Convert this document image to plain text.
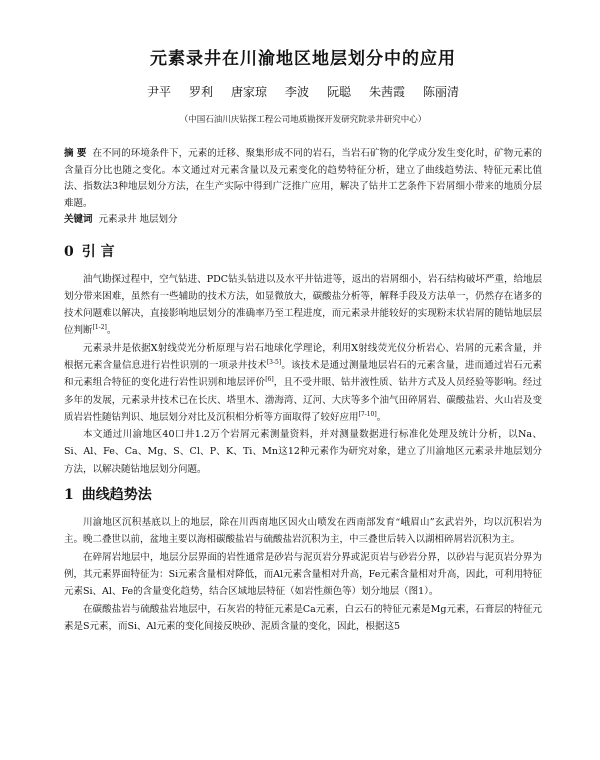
元素录井在川渝地区地层划分中的应用
尹平 罗利 唐家琼 李波 阮聪 朱茜霞 陈丽清
（中国石油川庆钻探工程公司地质勘探开发研究院录井研究中心）
摘 要 在不同的环境条件下，元素的迁移、聚集形成不同的岩石，当岩石矿物的化学成分发生变化时，矿物元素的含量百分比也随之变化。本文通过对元素含量以及元素变化的趋势特征分析，建立了曲线趋势法、特征元素比值法、指数法3种地层划分方法，在生产实际中得到广泛推广应用，解决了钻井工艺条件下岩屑细小带来的地质分层难题。
关键词 元素录井 地层划分
0 引 言

油气勘探过程中，空气钻进、PDC钻头钻进以及水平井钻进等，返出的岩屑细小，岩石结构破坏严重，给地层划分带来困难，虽然有一些辅助的技术方法，如显微放大，碳酸盐分析等，解释手段及方法单一，仍然存在诸多的技术问题难以解决，直接影响地层划分的准确率乃至工程进度，而元素录井能较好的实现粉末状岩屑的随钻地层层位判断[1-2]。

元素录井是依据X射线荧光分析原理与岩石地球化学理论，利用X射线荧光仪分析岩心、岩屑的元素含量，并根据元素含量信息进行岩性识别的一项录井技术[3-5]。该技术是通过测量地层岩石的元素含量，进而通过岩石元素和元素组合特征的变化进行岩性识别和地层评价[6]，且不受井眼、钻井液性质、钻井方式及人员经验等影响。经过多年的发展，元素录井技术已在长庆、塔里木、渤海湾、辽河、大庆等多个油气田碎屑岩、碳酸盐岩、火山岩及变质岩岩性随钻判识、地层划分对比及沉积相分析等方面取得了较好应用[7-10]。

本文通过川渝地区40口井1.2万个岩屑元素测量资料，并对测量数据进行标准化处理及统计分析，以Na、Si、Al、Fe、Ca、Mg、S、Cl、P、K、Ti、Mn这12种元素作为研究对象，建立了川渝地区元素录井地层划分方法，以解决随钻地层划分问题。

1 曲线趋势法

川渝地区沉积基底以上的地层，除在川西南地区因火山喷发在西南部发育“峨眉山”玄武岩外，均以沉积岩为主。晚二叠世以前，盆地主要以海相碳酸盐岩与硫酸盐岩沉积为主，中三叠世后转入以湖相碎屑岩沉积为主。

在碎屑岩地层中，地层分层界面的岩性通常是砂岩与泥页岩分界或泥页岩与砂岩分界，以砂岩与泥页岩分界为例，其元素界面特征为：Si元素含量相对降低，而Al元素含量相对升高，Fe元素含量相对升高，因此，可利用特征元素Si、Al、Fe的含量变化趋势，结合区域地层特征（如岩性颜色等）划分地层（图1）。

在碳酸盐岩与硫酸盐岩地层中，石灰岩的特征元素是Ca元素，白云石的特征元素是Mg元素，石膏层的特征元素是S元素，而Si、Al元素的变化间接反映砂、泥质含量的变化，因此，根据这5
